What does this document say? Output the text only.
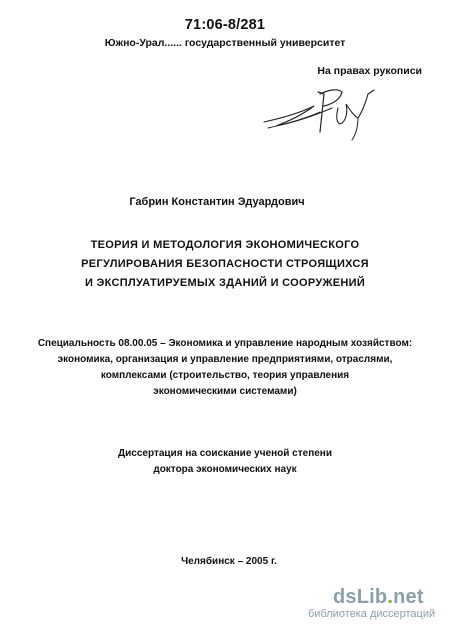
71:06-8/281
Южно-Урал...... государственный университет
На правах рукописи
Габрин Константин Эдуардович
ТЕОРИЯ И МЕТОДОЛОГИЯ ЭКОНОМИЧЕСКОГО
РЕГУЛИРОВАНИЯ БЕЗОПАСНОСТИ СТРОЯЩИХСЯ
И ЭКСПЛУАТИРУЕМЫХ ЗДАНИЙ И СООРУЖЕНИЙ
Специальность 08.00.05 – Экономика и управление народным хозяйством:
экономика, организация и управление предприятиями, отраслями,
комплексами (строительство, теория управления
экономическими системами)
Диссертация на соискание ученой степени
доктора экономических наук
Челябинск – 2005 г.
dsLib.net
библиотека диссертаций
